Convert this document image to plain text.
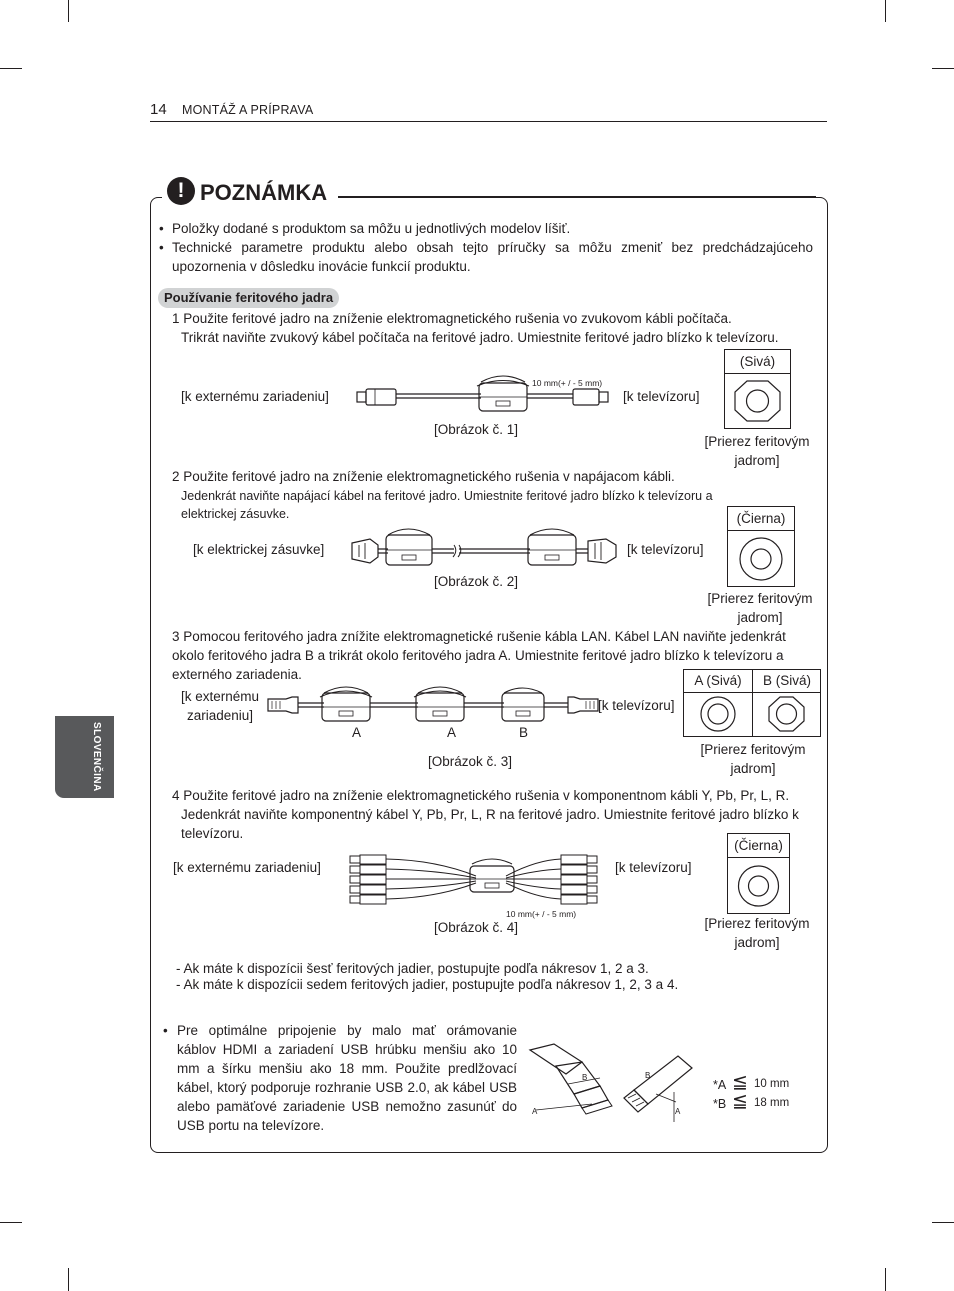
14 MONTÁŽ A PRÍPRAVA
SLOVENČINA
! POZNÁMKA
• Položky dodané s produktom sa môžu u jednotlivých modelov líšiť.
• Technické parametre produktu alebo obsah tejto príručky sa môžu zmeniť bez predchádzajúceho upozornenia v dôsledku inovácie funkcií produktu.
Používanie feritového jadra
1 Použite feritové jadro na zníženie elektromagnetického rušenia vo zvukovom kábli počítača.
Trikrát naviňte zvukový kábel počítača na feritové jadro. Umiestnite feritové jadro blízko k televízoru.
[k externému zariadeniu]	[k televízoru]
10 mm(+ / - 5 mm)
[Obrázok č. 1]
(Sivá)
[Prierez feritovým jadrom]
2 Použite feritové jadro na zníženie elektromagnetického rušenia v napájacom kábli.
Jedenkrát naviňte napájací kábel na feritové jadro. Umiestnite feritové jadro blízko k televízoru a elektrickej zásuvke.
[k elektrickej zásuvke]	[k televízoru]
[Obrázok č. 2]
(Čierna)
[Prierez feritovým jadrom]
3 Pomocou feritového jadra znížite elektromagnetické rušenie kábla LAN. Kábel LAN naviňte jedenkrát okolo feritového jadra B a trikrát okolo feritového jadra A. Umiestnite feritové jadro blízko k televízoru a externého zariadenia.
[k externému zariadeniu]
[k televízoru]
A	A	B
[Obrázok č. 3]
A (Sivá)	B (Sivá)
[Prierez feritovým jadrom]
4 Použite feritové jadro na zníženie elektromagnetického rušenia v komponentnom kábli Y, Pb, Pr, L, R.
Jedenkrát naviňte komponentný kábel Y, Pb, Pr, L, R na feritové jadro. Umiestnite feritové jadro blízko k televízoru.
[k externému zariadeniu]	[k televízoru]
10 mm(+ / - 5 mm)
[Obrázok č. 4]
(Čierna)
[Prierez feritovým jadrom]
- Ak máte k dispozícii šesť feritových jadier, postupujte podľa nákresov 1, 2 a 3.
- Ak máte k dispozícii sedem feritových jadier, postupujte podľa nákresov 1, 2, 3 a 4.
• Pre optimálne pripojenie by malo mať orámovanie káblov HDMI a zariadení USB hrúbku menšiu ako 10 mm a šírku menšiu ako 18 mm. Použite predlžovací kábel, ktorý podporuje rozhranie USB 2.0, ak kábel USB alebo pamäťové zariadenie USB nemožno zasunúť do USB portu na televízore.
A
B	B
A
*A ≦ 10 mm
*B ≦ 18 mm
